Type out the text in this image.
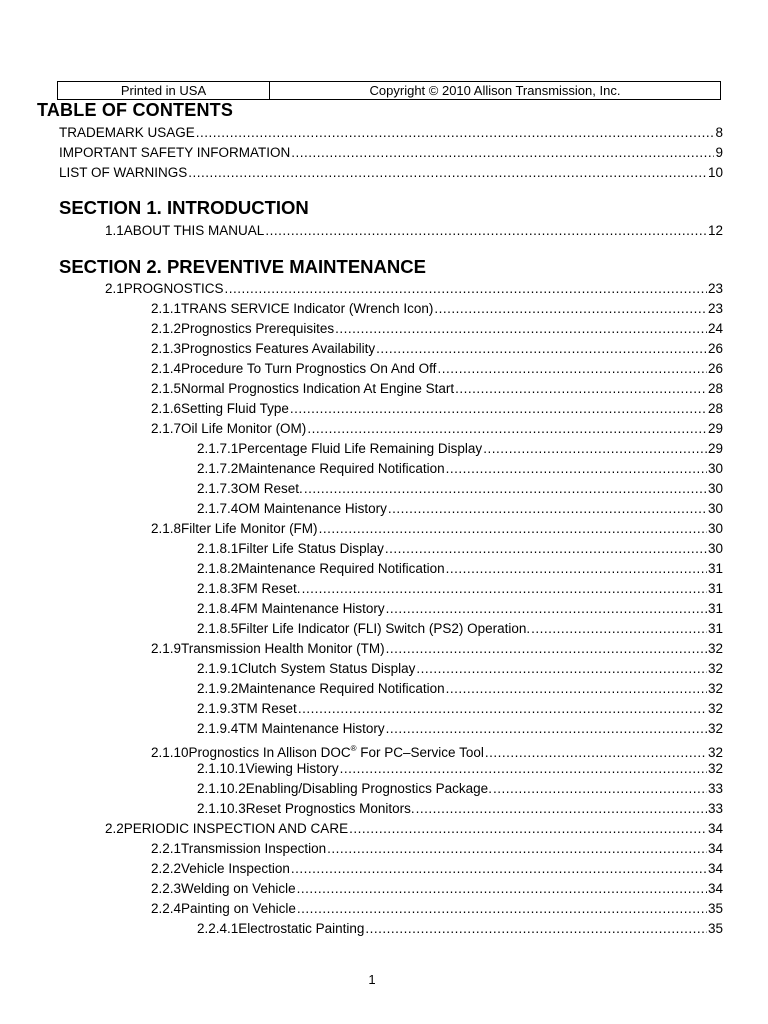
Printed in USA	Copyright © 2010 Allison Transmission, Inc.
TABLE OF CONTENTS
TRADEMARK USAGE .....	8
IMPORTANT SAFETY INFORMATION .....	9
LIST OF WARNINGS .....	10
SECTION 1. INTRODUCTION
1.1 ABOUT THIS MANUAL .....	12
SECTION 2. PREVENTIVE MAINTENANCE
2.1 PROGNOSTICS .....	23
2.1.1 TRANS SERVICE Indicator (Wrench Icon) .....	23
2.1.2 Prognostics Prerequisites .....	24
2.1.3 Prognostics Features Availability .....	26
2.1.4 Procedure To Turn Prognostics On And Off .....	26
2.1.5 Normal Prognostics Indication At Engine Start .....	28
2.1.6 Setting Fluid Type .....	28
2.1.7 Oil Life Monitor (OM) .....	29
2.1.7.1 Percentage Fluid Life Remaining Display .....	29
2.1.7.2 Maintenance Required Notification .....	30
2.1.7.3 OM Reset. .....	30
2.1.7.4 OM Maintenance History .....	30
2.1.8 Filter Life Monitor (FM) .....	30
2.1.8.1 Filter Life Status Display .....	30
2.1.8.2 Maintenance Required Notification .....	31
2.1.8.3 FM Reset. .....	31
2.1.8.4 FM Maintenance History .....	31
2.1.8.5 Filter Life Indicator (FLI) Switch (PS2) Operation. .....	31
2.1.9 Transmission Health Monitor (TM) .....	32
2.1.9.1 Clutch System Status Display .....	32
2.1.9.2 Maintenance Required Notification .....	32
2.1.9.3 TM Reset .....	32
2.1.9.4 TM Maintenance History .....	32
2.1.10 Prognostics In Allison DOC® For PC–Service Tool .....	32
2.1.10.1 Viewing History .....	32
2.1.10.2 Enabling/Disabling Prognostics Package. .....	33
2.1.10.3 Reset Prognostics Monitors. .....	33
2.2 PERIODIC INSPECTION AND CARE .....	34
2.2.1 Transmission Inspection .....	34
2.2.2 Vehicle Inspection .....	34
2.2.3 Welding on Vehicle .....	34
2.2.4 Painting on Vehicle .....	35
2.2.4.1 Electrostatic Painting .....	35
1
